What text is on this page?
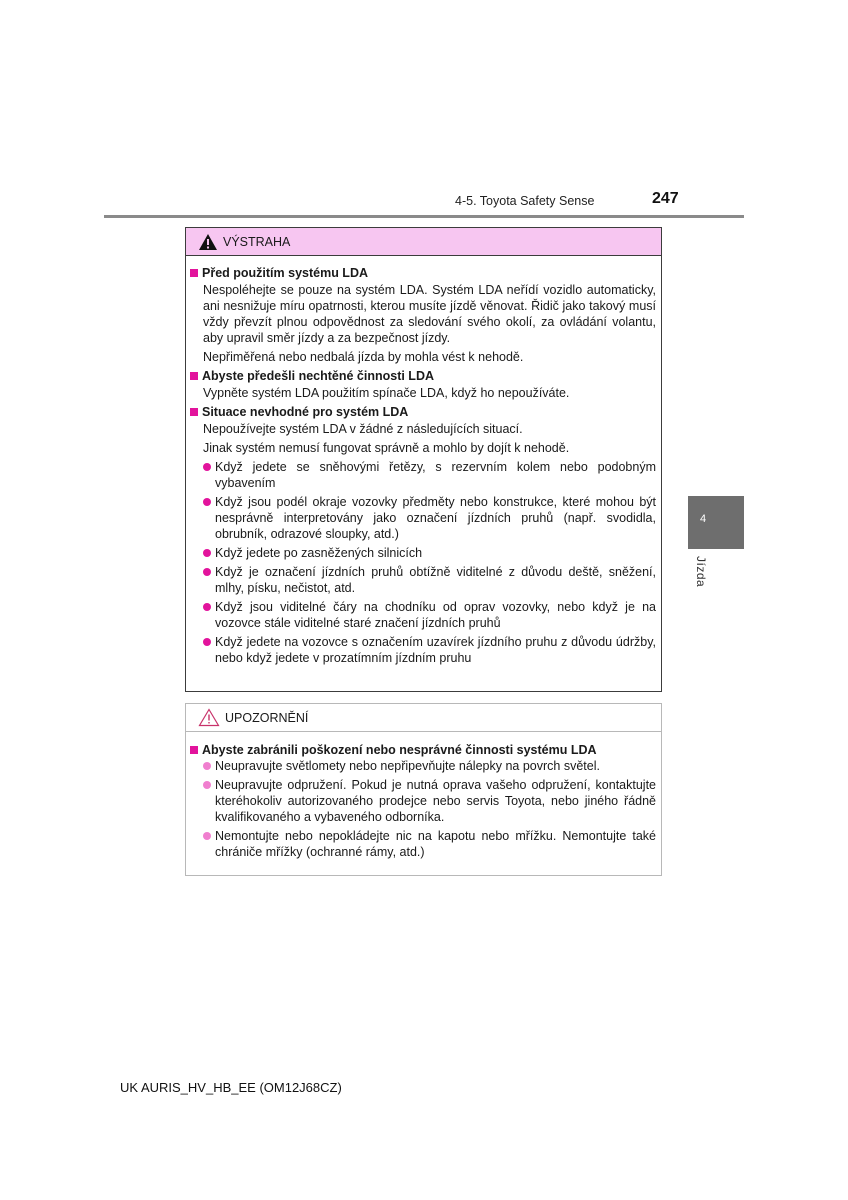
4-5. Toyota Safety Sense	247
4
Jízda
VÝSTRAHA
Před použitím systému LDA
Nespoléhejte se pouze na systém LDA. Systém LDA neřídí vozidlo automaticky, ani nesnižuje míru opatrnosti, kterou musíte jízdě věnovat. Řidič jako takový musí vždy převzít plnou odpovědnost za sledování svého okolí, za ovládání volantu, aby upravil směr jízdy a za bezpečnost jízdy.
Nepřiměřená nebo nedbalá jízda by mohla vést k nehodě.
Abyste předešli nechtěné činnosti LDA
Vypněte systém LDA použitím spínače LDA, když ho nepoužíváte.
Situace nevhodné pro systém LDA
Nepoužívejte systém LDA v žádné z následujících situací.
Jinak systém nemusí fungovat správně a mohlo by dojít k nehodě.
Když jedete se sněhovými řetězy, s rezervním kolem nebo podobným vybavením
Když jsou podél okraje vozovky předměty nebo konstrukce, které mohou být nesprávně interpretovány jako označení jízdních pruhů (např. svodidla, obrubník, odrazové sloupky, atd.)
Když jedete po zasněžených silnicích
Když je označení jízdních pruhů obtížně viditelné z důvodu deště, sněžení, mlhy, písku, nečistot, atd.
Když jsou viditelné čáry na chodníku od oprav vozovky, nebo když je na vozovce stále viditelné staré značení jízdních pruhů
Když jedete na vozovce s označením uzavírek jízdního pruhu z důvodu údržby, nebo když jedete v prozatímním jízdním pruhu
UPOZORNĚNÍ
Abyste zabránili poškození nebo nesprávné činnosti systému LDA
Neupravujte světlomety nebo nepřipevňujte nálepky na povrch světel.
Neupravujte odpružení. Pokud je nutná oprava vašeho odpružení, kontaktujte kteréhokoliv autorizovaného prodejce nebo servis Toyota, nebo jiného řádně kvalifikovaného a vybaveného odborníka.
Nemontujte nebo nepokládejte nic na kapotu nebo mřížku. Nemontujte také chrániče mřížky (ochranné rámy, atd.)
UK AURIS_HV_HB_EE (OM12J68CZ)
